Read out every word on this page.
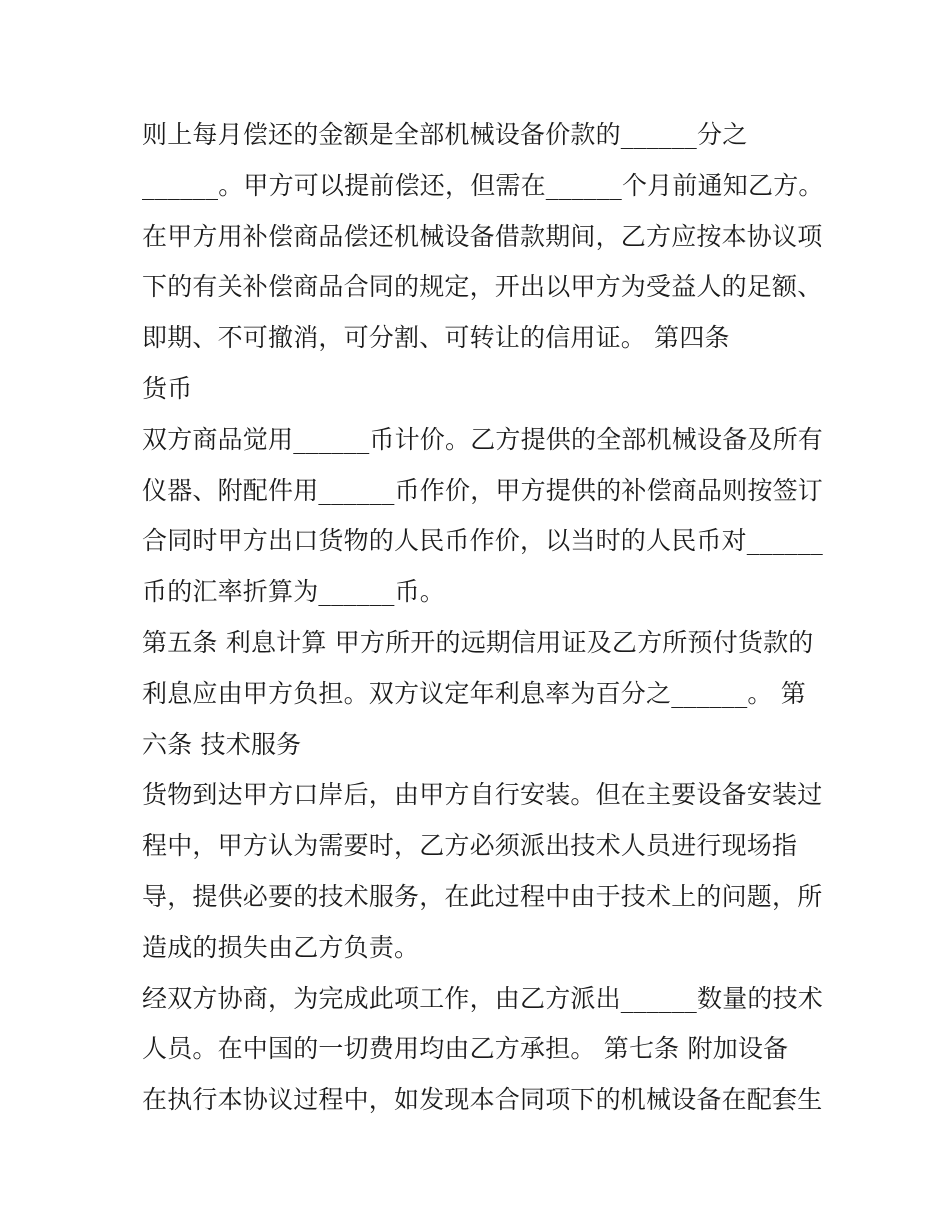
则上每月偿还的金额是全部机械设备价款的______分之
______。甲方可以提前偿还，但需在______个月前通知乙方。
在甲方用补偿商品偿还机械设备借款期间，乙方应按本协议项
下的有关补偿商品合同的规定，开出以甲方为受益人的足额、
即期、不可撤消，可分割、可转让的信用证。 第四条
货币
双方商品觉用______币计价。乙方提供的全部机械设备及所有
仪器、附配件用______币作价，甲方提供的补偿商品则按签订
合同时甲方出口货物的人民币作价，以当时的人民币对______
币的汇率折算为______币。
第五条 利息计算 甲方所开的远期信用证及乙方所预付货款的
利息应由甲方负担。双方议定年利息率为百分之______。 第
六条 技术服务
货物到达甲方口岸后，由甲方自行安装。但在主要设备安装过
程中，甲方认为需要时，乙方必须派出技术人员进行现场指
导，提供必要的技术服务，在此过程中由于技术上的问题，所
造成的损失由乙方负责。
经双方协商，为完成此项工作，由乙方派出______数量的技术
人员。在中国的一切费用均由乙方承担。 第七条 附加设备
在执行本协议过程中，如发现本合同项下的机械设备在配套生
